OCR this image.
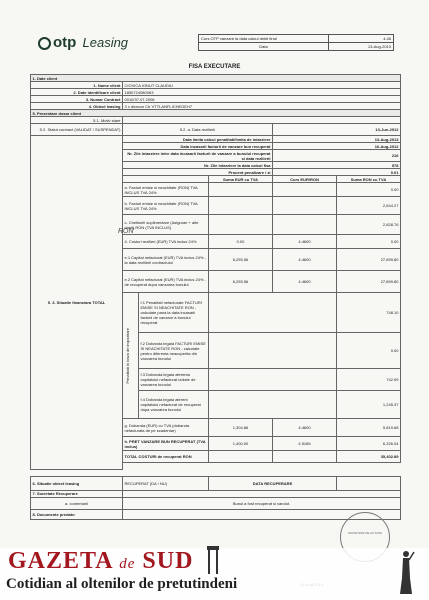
otp Leasing	Curs OTP vanzare la data calcul debit final	4.46
Data	13-Aug-2013
FISA EXECUTARE
1. Date client					
1. Nume client	CIOVICA IONUT CLAUDIU				
2. Date identificare client	1850724080063				
3. Numar Contract	0010/37.07.2006				
4. Obiect leasing	3 x diracon Ctr VTTLANFLICHEGEH7				
5. Prezentare dosar client					
5.1. Motiv stare					
5.2. Statut contract (VALIDAT / SUSPENDAT)	5.2. a. Data rezilierii			13-Jun-2012	
5. 3. Situatie financiara TOTAL	Data limita calcul penalitati/limita de intarziere			13-Aug-2013	
	Data incasarii facturii de vanzare bun recuperat			16-Aug-2012	
	Nr. Zile intarziere intre data incasarii facturii de vanzare a bunului recuperat si data rezilierii			216	
	Nr. Zile intarziere la data calcul fisa			578	
	Procent penalizare / zi			0.01	
			Suma EUR cu TVA	Curs EUR/RON	Suma RON cu TVA
	a. Facturi emise si neachitate (RON) TVA INCLUS TVA 24%				0.00
	b. Facturi emise si neachitate (RON) TVA INCLUS TVA 24%				2,644.27
	c. Cheltuieli suplimentare (Asigurari + alte chelt) RON (TVA INCLUS)				2,828.76
	4. Costuri rezilieri (EUR) TVA inclus 24%		0.00	4.4600	0.00
	e.1 Capital nefacturat (EUR) TVA inclus 24% - la data rezilierii contractului		6,255.56	4.4600	27,899.80
	e.2 Capital nefacturat (EUR) TVA inclus 24% - de recuperat dupa vanzarea bunului		6,255.56	4.4600	27,899.80

	Penalitati in baza de impozitare	f.1 Penalitati nefacturate FACTURI EMISE SI NEACHITATE RON - calculate pana la data incasarii facturii de vanzare a bunului recuperat			748.10
		f.2 Dobanda legala FACTURI EMISE SI NEACHITATE RON - calculate pentru diferenta neacoperita din vanzarea bunului			0.00
		f.3 Dobanda legala aferenta capitalului nefacturat izolate de vanzarea bunului			742.99
		f.4 Dobanda legala aferent capitalului nefacturat de recuperat dupa vanzarea bunului			1,245.37
	g. Dobanda (EUR) cu TVA (dobanda nefacturata de pe scadentar)		1,304.86	4.4600	5,819.68
	h. PRET VANZARE BUN RECUPERAT (TVA inclus)		1,400.00	4.5185	6,326.04
	TOTAL COSTURI de recuperat RON				35,402.89

6. Situatie obiect leasing	RECUPERAT (DA / NU)		DATA RECUPERARE		
7. Societate Recuperare					
a. comentarii	Bunul a fost recuperat si vandut.				
8. Documente predate:					
RON
SOCIETATE PE ACTIUNI
GAZETA de SUD
Cotidian al oltenilor de pretutindeni
